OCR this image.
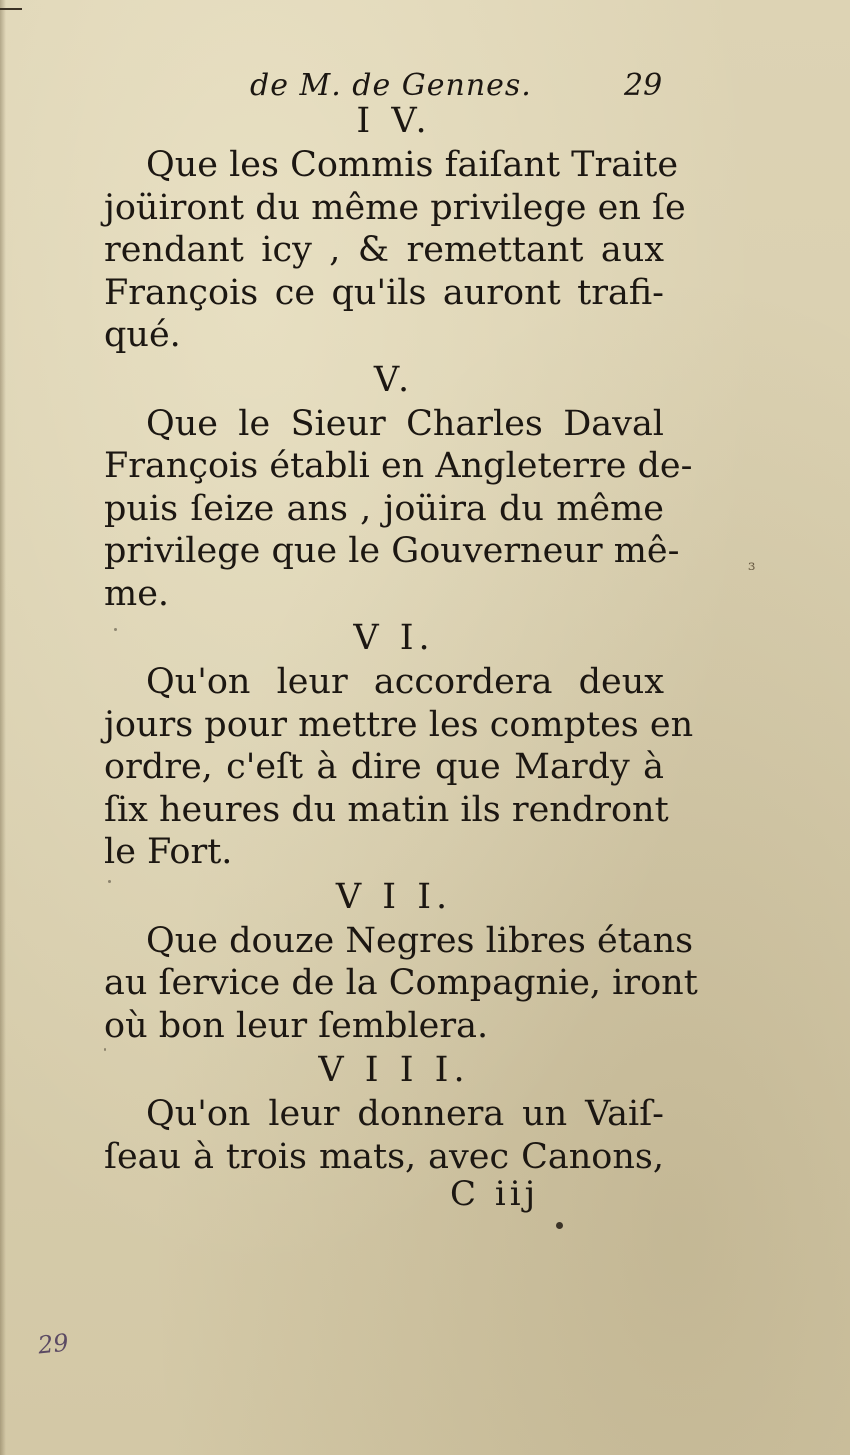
de M. de Gennes.	29
I V.
Que les Commis faiſant Traite
joüiront du même privilege en ſe
rendant icy , & remettant aux
François ce qu'ils auront trafi-
qué.
V.
Que le Sieur Charles Daval
François établi en Angleterre de-
puis ſeize ans , joüira du même
privilege que le Gouverneur mê-
me.
V I.
Qu'on leur accordera deux
jours pour mettre les comptes en
ordre, c'eſt à dire que Mardy à
ſix heures du matin ils rendront
le Fort.
V I I.
Que douze Negres libres étans
au ſervice de la Compagnie, iront
où bon leur ſemblera.
V I I I.
Qu'on leur donnera un Vaiſ-
ſeau à trois mats, avec Canons,
C iij
ɜ
29
